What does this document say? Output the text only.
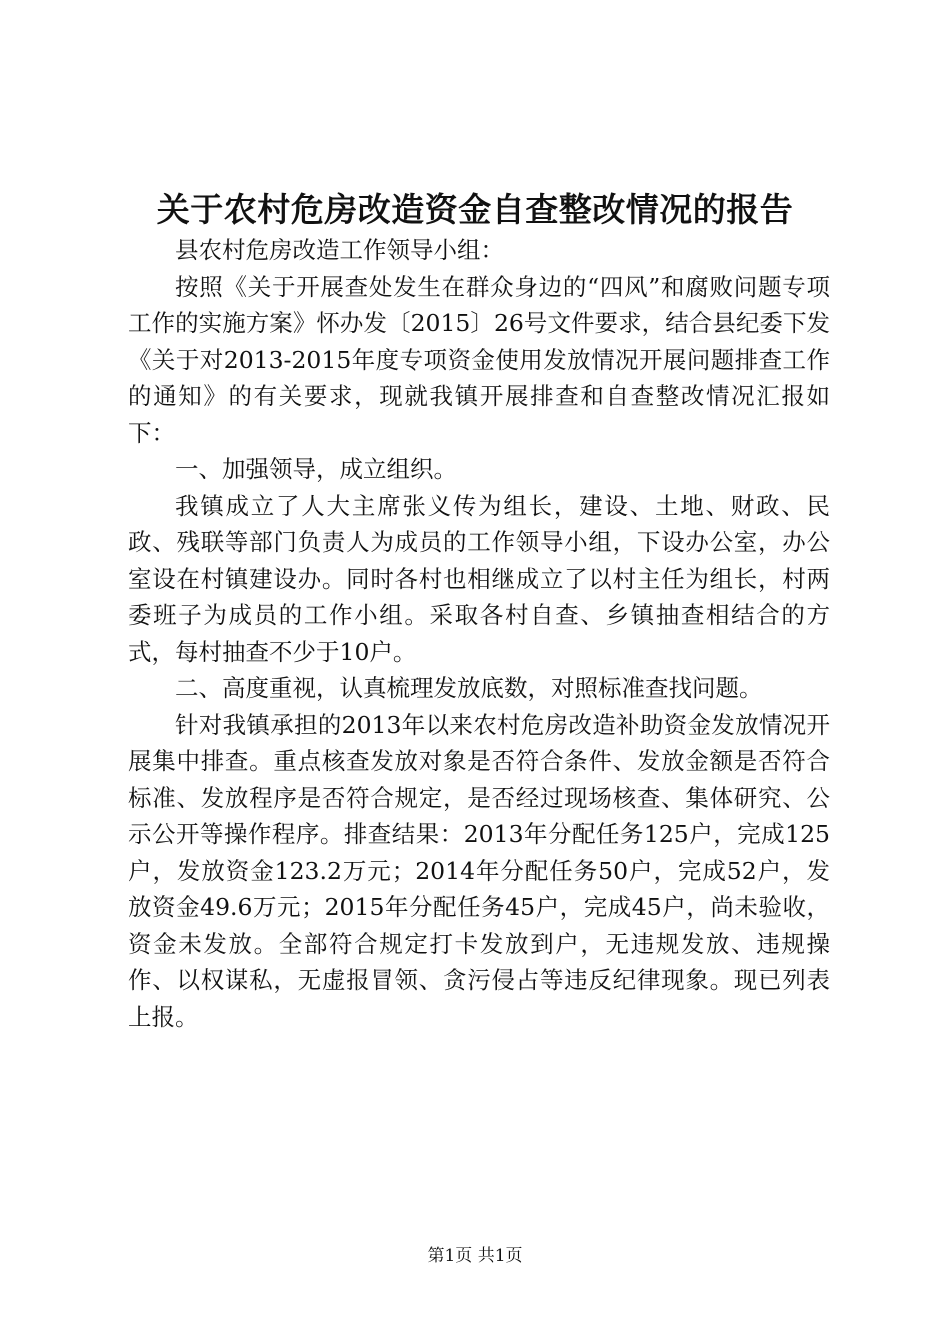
关于农村危房改造资金自查整改情况的报告

县农村危房改造工作领导小组：

按照《关于开展查处发生在群众身边的“四风”和腐败问题专项工作的实施方案》怀办发〔2015〕26号文件要求，结合县纪委下发《关于对2013-2015年度专项资金使用发放情况开展问题排查工作的通知》的有关要求，现就我镇开展排查和自查整改情况汇报如下：

一、加强领导，成立组织。

我镇成立了人大主席张义传为组长，建设、土地、财政、民政、残联等部门负责人为成员的工作领导小组，下设办公室，办公室设在村镇建设办。同时各村也相继成立了以村主任为组长，村两委班子为成员的工作小组。采取各村自查、乡镇抽查相结合的方式，每村抽查不少于10户。

二、高度重视，认真梳理发放底数，对照标准查找问题。

针对我镇承担的2013年以来农村危房改造补助资金发放情况开展集中排查。重点核查发放对象是否符合条件、发放金额是否符合标准、发放程序是否符合规定，是否经过现场核查、集体研究、公示公开等操作程序。排查结果：2013年分配任务125户，完成125户，发放资金123.2万元；2014年分配任务50户，完成52户，发放资金49.6万元；2015年分配任务45户，完成45户，尚未验收，资金未发放。全部符合规定打卡发放到户，无违规发放、违规操作、以权谋私，无虚报冒领、贪污侵占等违反纪律现象。现已列表上报。

第1页 共1页
